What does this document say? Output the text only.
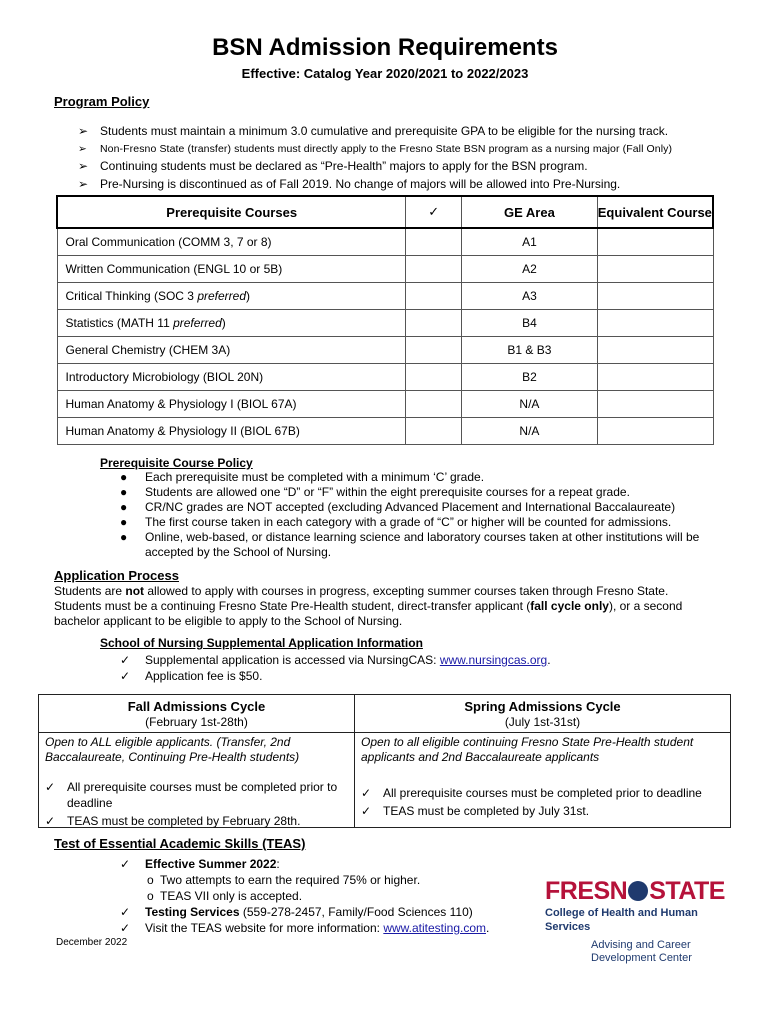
BSN Admission Requirements
Effective: Catalog Year 2020/2021 to 2022/2023
Program Policy
➢ Students must maintain a minimum 3.0 cumulative and prerequisite GPA to be eligible for the nursing track.
➢ Non-Fresno State (transfer) students must directly apply to the Fresno State BSN program as a nursing major (Fall Only)
➢ Continuing students must be declared as “Pre-Health” majors to apply for the BSN program.
➢ Pre-Nursing is discontinued as of Fall 2019. No change of majors will be allowed into Pre-Nursing.
Prerequisite Courses	✓	GE Area	Equivalent Course
Oral Communication (COMM 3, 7 or 8)		A1	
Written Communication (ENGL 10 or 5B)		A2	
Critical Thinking (SOC 3 preferred)		A3	
Statistics (MATH 11 preferred)		B4	
General Chemistry (CHEM 3A)		B1 & B3	
Introductory Microbiology (BIOL 20N)		B2	
Human Anatomy & Physiology I (BIOL 67A)		N/A	
Human Anatomy & Physiology II (BIOL 67B)		N/A	
Prerequisite Course Policy
● Each prerequisite must be completed with a minimum ‘C’ grade.
● Students are allowed one “D” or “F” within the eight prerequisite courses for a repeat grade.
● CR/NC grades are NOT accepted (excluding Advanced Placement and International Baccalaureate)
● The first course taken in each category with a grade of “C” or higher will be counted for admissions.
● Online, web-based, or distance learning science and laboratory courses taken at other institutions will be accepted by the School of Nursing.
Application Process
Students are not allowed to apply with courses in progress, excepting summer courses taken through Fresno State.
Students must be a continuing Fresno State Pre-Health student, direct-transfer applicant (fall cycle only), or a second bachelor applicant to be eligible to apply to the School of Nursing.
School of Nursing Supplemental Application Information
✓ Supplemental application is accessed via NursingCAS: www.nursingcas.org.
✓ Application fee is $50.
Fall Admissions Cycle
(February 1st-28th)
Open to ALL eligible applicants. (Transfer, 2nd Baccalaureate, Continuing Pre-Health students)
✓ All prerequisite courses must be completed prior to deadline
✓ TEAS must be completed by February 28th.
Spring Admissions Cycle
(July 1st-31st)
Open to all eligible continuing Fresno State Pre-Health student applicants and 2nd Baccalaureate applicants
✓ All prerequisite courses must be completed prior to deadline
✓ TEAS must be completed by July 31st.
Test of Essential Academic Skills (TEAS)
✓ Effective Summer 2022:
o Two attempts to earn the required 75% or higher.
o TEAS VII only is accepted.
✓ Testing Services (559-278-2457, Family/Food Sciences 110)
✓ Visit the TEAS website for more information: www.atitesting.com.
December 2022
FRESN STATE
College of Health and Human Services
Advising and Career
Development Center
